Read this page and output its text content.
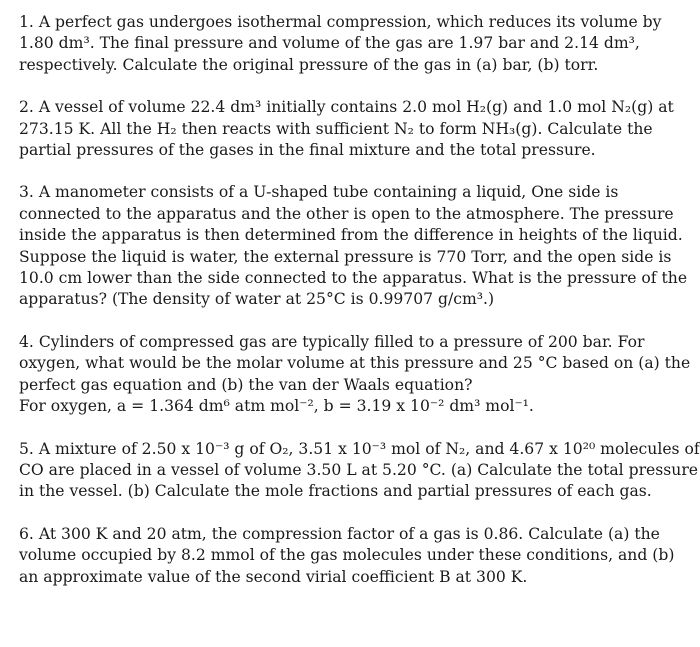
1. A perfect gas undergoes isothermal compression, which reduces its volume by
1.80 dm³. The final pressure and volume of the gas are 1.97 bar and 2.14 dm³,
respectively. Calculate the original pressure of the gas in (a) bar, (b) torr.
2. A vessel of volume 22.4 dm³ initially contains 2.0 mol H₂(g) and 1.0 mol N₂(g) at
273.15 K. All the H₂ then reacts with sufficient N₂ to form NH₃(g). Calculate the
partial pressures of the gases in the final mixture and the total pressure.
3. A manometer consists of a U-shaped tube containing a liquid, One side is
connected to the apparatus and the other is open to the atmosphere. The pressure
inside the apparatus is then determined from the difference in heights of the liquid.
Suppose the liquid is water, the external pressure is 770 Torr, and the open side is
10.0 cm lower than the side connected to the apparatus. What is the pressure of the
apparatus? (The density of water at 25°C is 0.99707 g/cm³.)
4. Cylinders of compressed gas are typically filled to a pressure of 200 bar. For
oxygen, what would be the molar volume at this pressure and 25 °C based on (a) the
perfect gas equation and (b) the van der Waals equation?
For oxygen, a = 1.364 dm⁶ atm mol⁻², b = 3.19 x 10⁻² dm³ mol⁻¹.
5. A mixture of 2.50 x 10⁻³ g of O₂, 3.51 x 10⁻³ mol of N₂, and 4.67 x 10²⁰ molecules of
CO are placed in a vessel of volume 3.50 L at 5.20 °C. (a) Calculate the total pressure
in the vessel. (b) Calculate the mole fractions and partial pressures of each gas.
6. At 300 K and 20 atm, the compression factor of a gas is 0.86. Calculate (a) the
volume occupied by 8.2 mmol of the gas molecules under these conditions, and (b)
an approximate value of the second virial coefficient B at 300 K.
